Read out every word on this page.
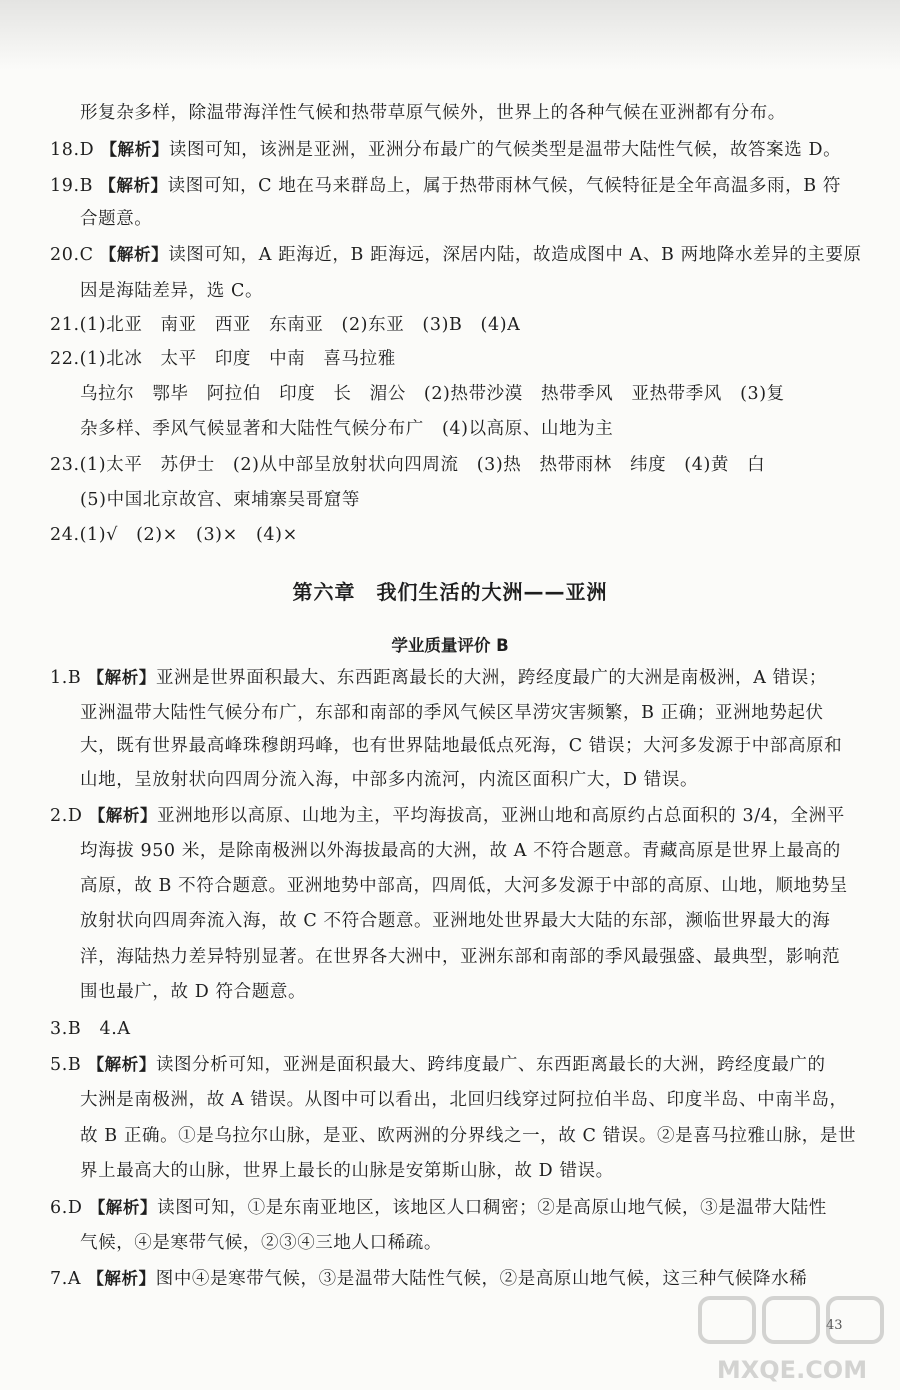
形复杂多样，除温带海洋性气候和热带草原气候外，世界上的各种气候在亚洲都有分布。

18.D 【解析】读图可知，该洲是亚洲，亚洲分布最广的气候类型是温带大陆性气候，故答案选 D。

19.B 【解析】读图可知，C 地在马来群岛上，属于热带雨林气候，气候特征是全年高温多雨，B 符

合题意。

20.C 【解析】读图可知，A 距海近，B 距海远，深居内陆，故造成图中 A、B 两地降水差异的主要原

因是海陆差异，选 C。

21.(1)北亚　南亚　西亚　东南亚　(2)东亚　(3)B　(4)A

22.(1)北冰　太平　印度　中南　喜马拉雅

乌拉尔　鄂毕　阿拉伯　印度　长　湄公　(2)热带沙漠　热带季风　亚热带季风　(3)复

杂多样、季风气候显著和大陆性气候分布广　(4)以高原、山地为主

23.(1)太平　苏伊士　(2)从中部呈放射状向四周流　(3)热　热带雨林　纬度　(4)黄　白

(5)中国北京故宫、柬埔寨吴哥窟等

24.(1)√　(2)×　(3)×　(4)×

第六章　我们生活的大洲——亚洲
学业质量评价 B

1.B 【解析】亚洲是世界面积最大、东西距离最长的大洲，跨经度最广的大洲是南极洲，A 错误；

亚洲温带大陆性气候分布广，东部和南部的季风气候区旱涝灾害频繁，B 正确；亚洲地势起伏

大，既有世界最高峰珠穆朗玛峰，也有世界陆地最低点死海，C 错误；大河多发源于中部高原和

山地，呈放射状向四周分流入海，中部多内流河，内流区面积广大，D 错误。

2.D 【解析】亚洲地形以高原、山地为主，平均海拔高，亚洲山地和高原约占总面积的 3/4，全洲平

均海拔 950 米，是除南极洲以外海拔最高的大洲，故 A 不符合题意。青藏高原是世界上最高的

高原，故 B 不符合题意。亚洲地势中部高，四周低，大河多发源于中部的高原、山地，顺地势呈

放射状向四周奔流入海，故 C 不符合题意。亚洲地处世界最大大陆的东部，濒临世界最大的海

洋，海陆热力差异特别显著。在世界各大洲中，亚洲东部和南部的季风最强盛、最典型，影响范

围也最广，故 D 符合题意。

3.B　4.A

5.B 【解析】读图分析可知，亚洲是面积最大、跨纬度最广、东西距离最长的大洲，跨经度最广的

大洲是南极洲，故 A 错误。从图中可以看出，北回归线穿过阿拉伯半岛、印度半岛、中南半岛，

故 B 正确。①是乌拉尔山脉，是亚、欧两洲的分界线之一，故 C 错误。②是喜马拉雅山脉，是世

界上最高大的山脉，世界上最长的山脉是安第斯山脉，故 D 错误。

6.D 【解析】读图可知，①是东南亚地区，该地区人口稠密；②是高原山地气候，③是温带大陆性

气候，④是寒带气候，②③④三地人口稀疏。

7.A 【解析】图中④是寒带气候，③是温带大陆性气候，②是高原山地气候，这三种气候降水稀

43
MXQE.COM
